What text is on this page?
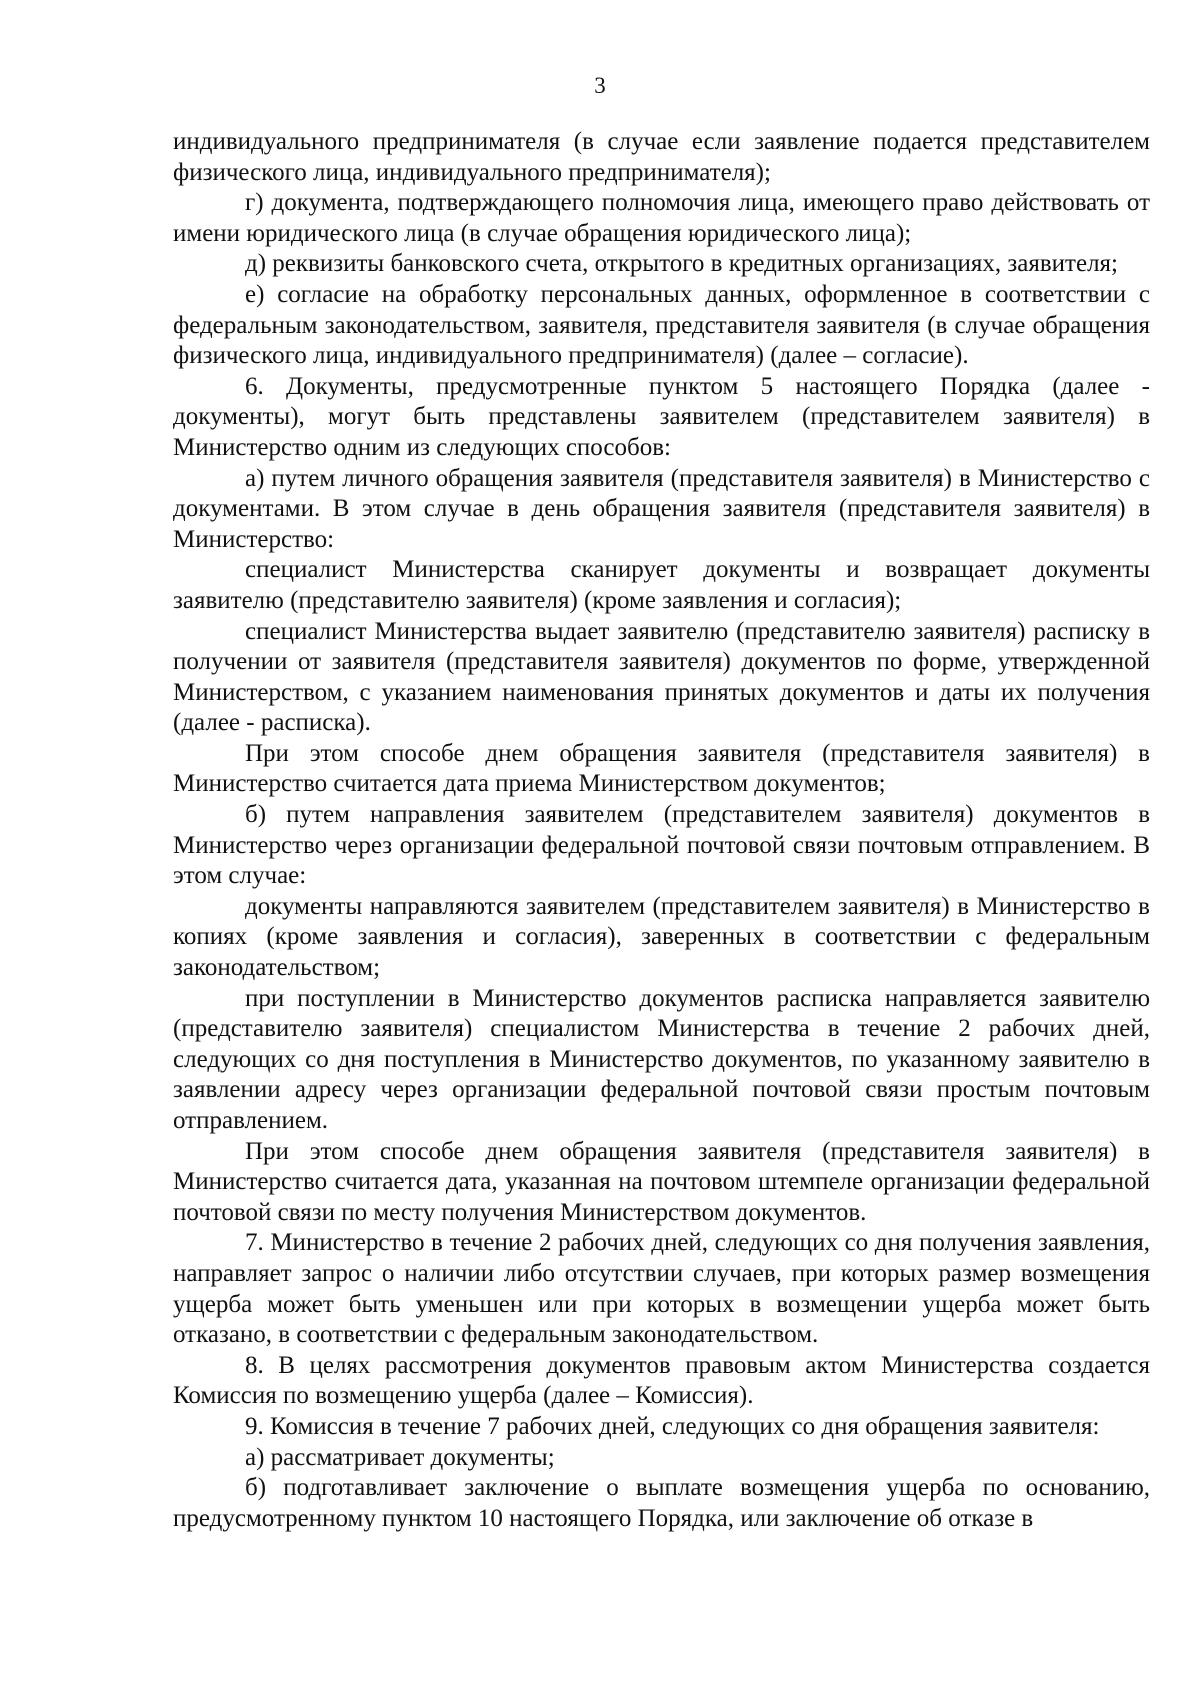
3

индивидуального предпринимателя (в случае если заявление подается представителем физического лица, индивидуального предпринимателя);

г) документа, подтверждающего полномочия лица, имеющего право действовать от имени юридического лица (в случае обращения юридического лица);

д) реквизиты банковского счета, открытого в кредитных организациях, заявителя;

е) согласие на обработку персональных данных, оформленное в соответствии с федеральным законодательством, заявителя, представителя заявителя (в случае обращения физического лица, индивидуального предпринимателя) (далее – согласие).

6. Документы, предусмотренные пунктом 5 настоящего Порядка (далее - документы), могут быть представлены заявителем (представителем заявителя) в Министерство одним из следующих способов:

а) путем личного обращения заявителя (представителя заявителя) в Министерство с документами. В этом случае в день обращения заявителя (представителя заявителя) в Министерство:

специалист Министерства сканирует документы и возвращает документы заявителю (представителю заявителя) (кроме заявления и согласия);

специалист Министерства выдает заявителю (представителю заявителя) расписку в получении от заявителя (представителя заявителя) документов по форме, утвержденной Министерством, с указанием наименования принятых документов и даты их получения (далее - расписка).

При этом способе днем обращения заявителя (представителя заявителя) в Министерство считается дата приема Министерством документов;

б) путем направления заявителем (представителем заявителя) документов в Министерство через организации федеральной почтовой связи почтовым отправлением. В этом случае:

документы направляются заявителем (представителем заявителя) в Министерство в копиях (кроме заявления и согласия), заверенных в соответствии с федеральным законодательством;

при поступлении в Министерство документов расписка направляется заявителю (представителю заявителя) специалистом Министерства в течение 2 рабочих дней, следующих со дня поступления в Министерство документов, по указанному заявителю в заявлении адресу через организации федеральной почтовой связи простым почтовым отправлением.

При этом способе днем обращения заявителя (представителя заявителя) в Министерство считается дата, указанная на почтовом штемпеле организации федеральной почтовой связи по месту получения Министерством документов.

7. Министерство в течение 2 рабочих дней, следующих со дня получения заявления, направляет запрос о наличии либо отсутствии случаев, при которых размер возмещения ущерба может быть уменьшен или при которых в возмещении ущерба может быть отказано, в соответствии с федеральным законодательством.

8. В целях рассмотрения документов правовым актом Министерства создается Комиссия по возмещению ущерба (далее – Комиссия).

9. Комиссия в течение 7 рабочих дней, следующих со дня обращения заявителя:

а) рассматривает документы;

б) подготавливает заключение о выплате возмещения ущерба по основанию, предусмотренному пунктом 10 настоящего Порядка, или заключение об отказе в
